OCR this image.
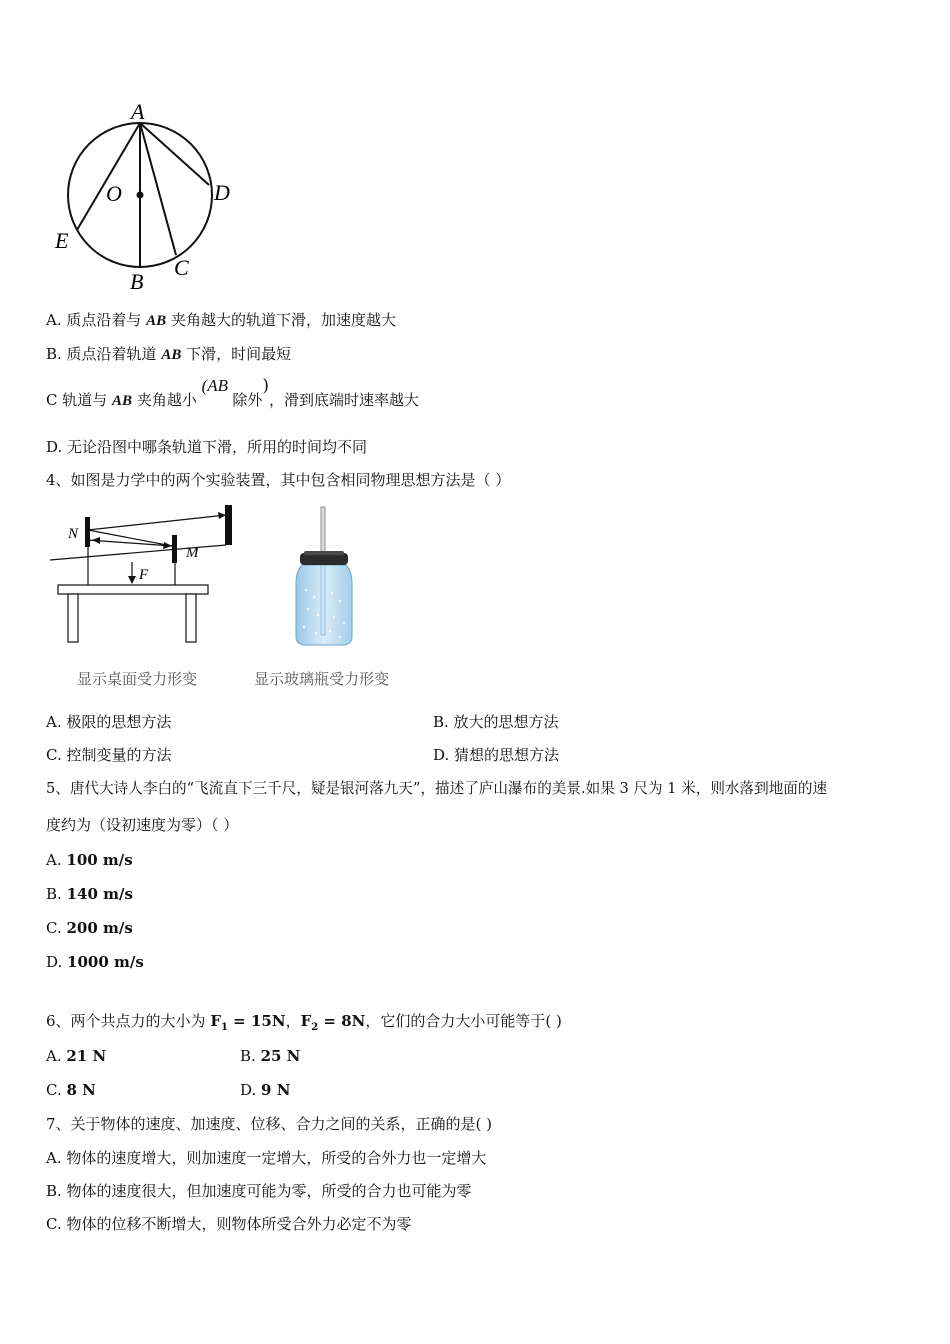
A
O	D
E
B
C
A. 质点沿着与 AB 夹角越大的轨道下滑，加速度越大
B. 质点沿着轨道 AB 下滑，时间最短
C 轨道与 AB 夹角越小 (AB 除外)，滑到底端时速率越大
D. 无论沿图中哪条轨道下滑，所用的时间均不同
4、如图是力学中的两个实验装置，其中包含相同物理思想方法是（ ）
N
M
F
显示桌面受力形变	显示玻璃瓶受力形变
A. 极限的思想方法	B. 放大的思想方法
C. 控制变量的方法	D. 猜想的思想方法
5、唐代大诗人李白的“飞流直下三千尺，疑是银河落九天”，描述了庐山瀑布的美景.如果 3 尺为 1 米，则水落到地面的速
度约为（设初速度为零）（ ）
A. 100 m/s
B. 140 m/s
C. 200 m/s
D. 1000 m/s
6、两个共点力的大小为 $F_1 = 15N$，$F_2 = 8N$，它们的合力大小可能等于( )
A. 21 N	B. 25 N
C. 8 N	D. 9 N
7、关于物体的速度、加速度、位移、合力之间的关系，正确的是( )
A. 物体的速度增大，则加速度一定增大，所受的合外力也一定增大
B. 物体的速度很大，但加速度可能为零，所受的合力也可能为零
C. 物体的位移不断增大，则物体所受合外力必定不为零
